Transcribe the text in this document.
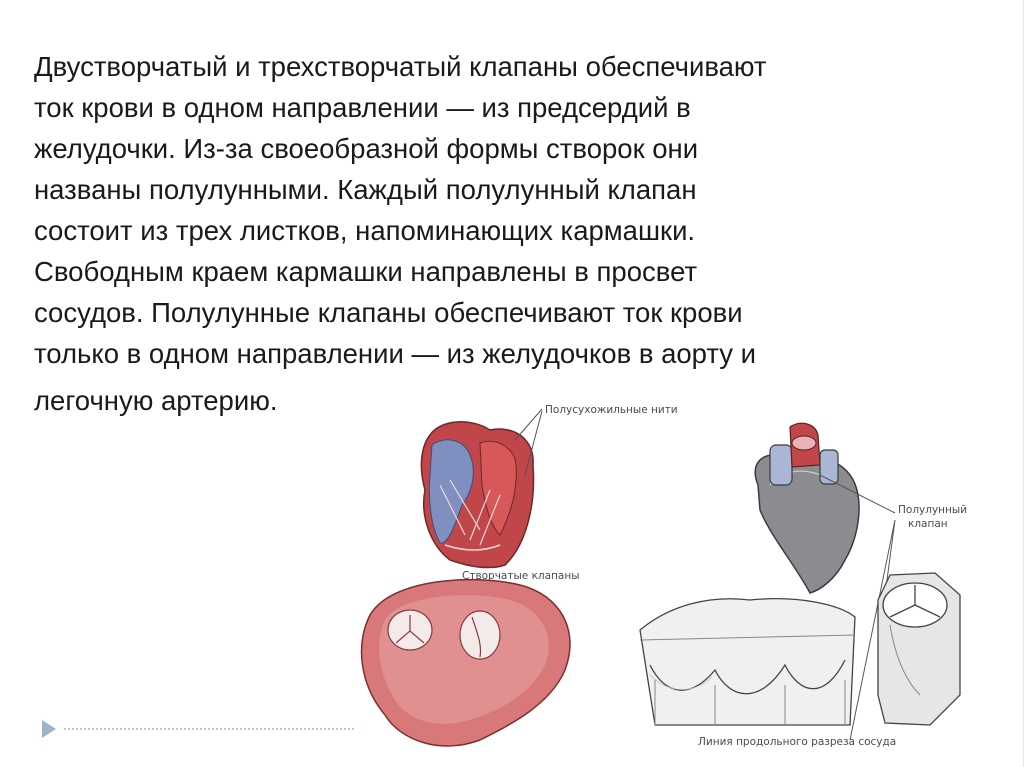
Двустворчатый и трехстворчатый клапаны обеспечивают
ток крови в одном направлении — из предсердий в
желудочки. Из-за своеобразной формы створок они
названы полулунными. Каждый полулунный клапан
состоит из трех листков, напоминающих кармашки.
Свободным краем кармашки направлены в просвет
сосудов. Полулунные клапаны обеспечивают ток крови
только в одном направлении — из желудочков в аорту и
легочную артерию.	Полусухожильные нити
Створчатые клапаны
Полулунный
клапан
Линия продольного разреза сосуда
